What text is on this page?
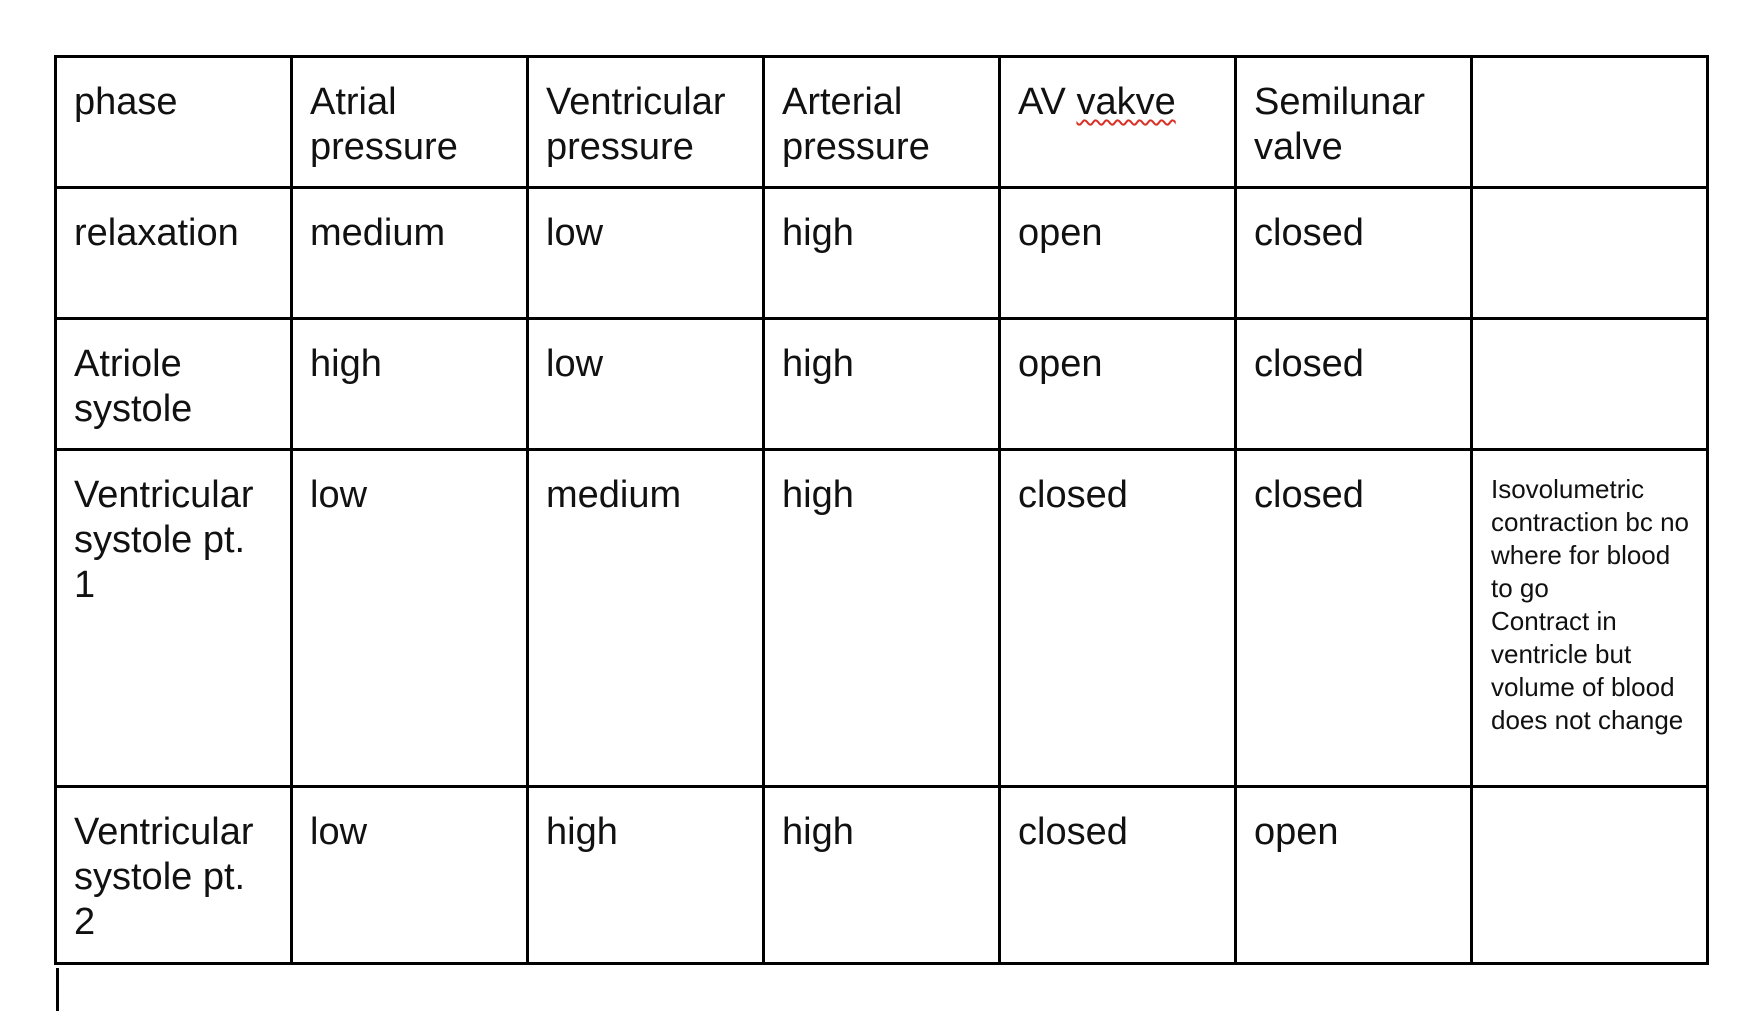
phase	Atrial pressure	Ventricular pressure	Arterial pressure	AV vakve	Semilunar valve	
relaxation	medium	low	high	open	closed	
Atriole systole	high	low	high	open	closed	
Ventricular systole pt. 1	low	medium	high	closed	closed	Isovolumetric contraction bc no where for blood to go
Contract in ventricle but volume of blood does not change

Ventricular systole pt. 2	low	high	high	closed	open	
